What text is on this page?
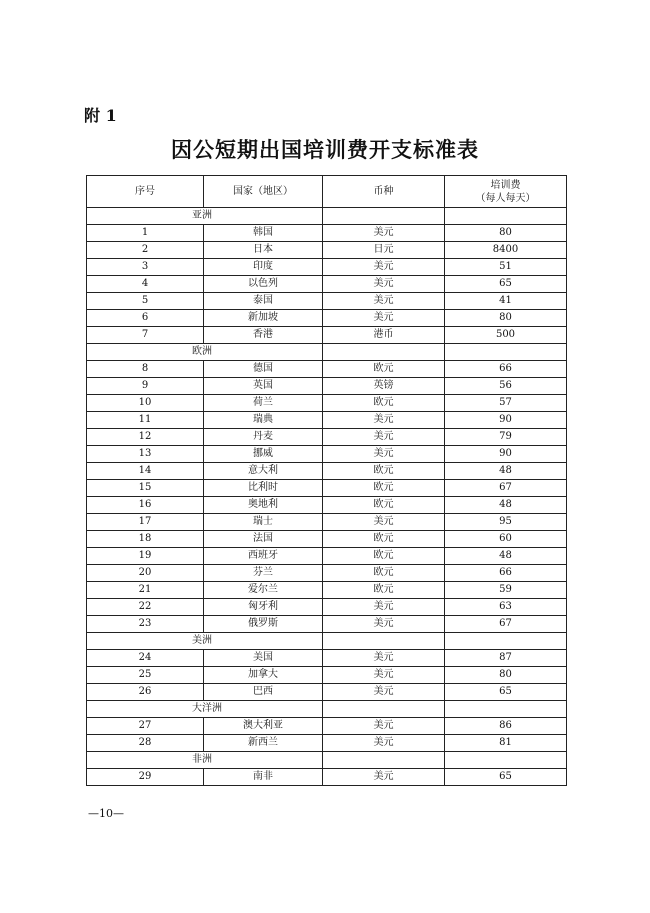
附 1
因公短期出国培训费开支标准表
序号	国家（地区）	币种	培训费
（每人每天）

亚洲			
1	韩国	美元	80
2	日本	日元	8400
3	印度	美元	51
4	以色列	美元	65
5	泰国	美元	41
6	新加坡	美元	80
7	香港	港币	500
欧洲			
8	德国	欧元	66
9	英国	英镑	56
10	荷兰	欧元	57
11	瑞典	美元	90
12	丹麦	美元	79
13	挪威	美元	90
14	意大利	欧元	48
15	比利时	欧元	67
16	奥地利	欧元	48
17	瑞士	美元	95
18	法国	欧元	60
19	西班牙	欧元	48
20	芬兰	欧元	66
21	爱尔兰	欧元	59
22	匈牙利	美元	63
23	俄罗斯	美元	67
美洲			
24	美国	美元	87
25	加拿大	美元	80
26	巴西	美元	65
大洋洲			
27	澳大利亚	美元	86
28	新西兰	美元	81
非洲			
29	南非	美元	65
—10—
